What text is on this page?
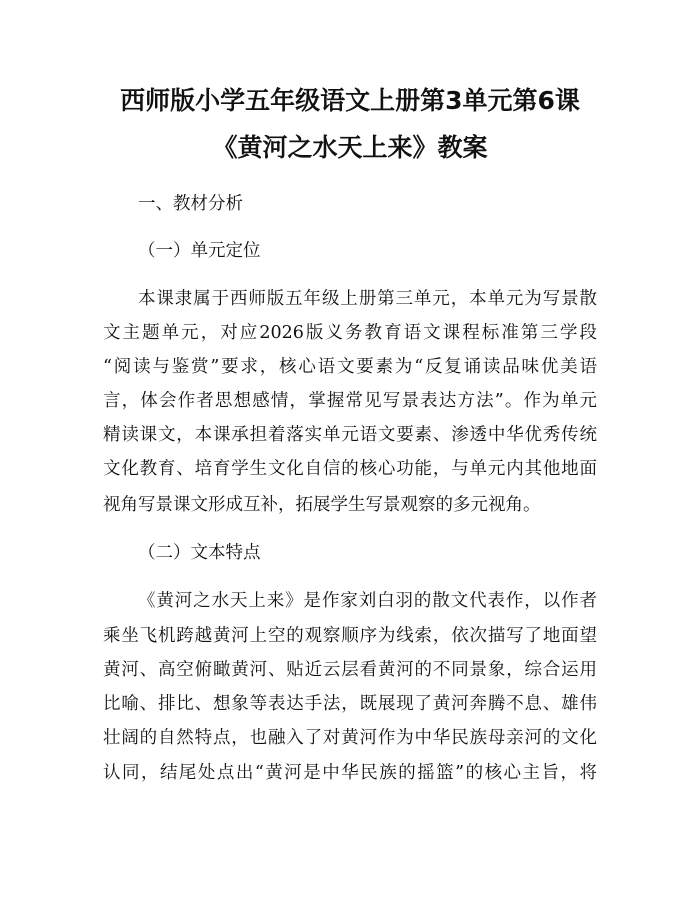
西师版小学五年级语文上册第3单元第6课
《黄河之水天上来》教案
一、教材分析
（一）单元定位
本课隶属于西师版五年级上册第三单元，本单元为写景散
文主题单元，对应2026版义务教育语文课程标准第三学段
“阅读与鉴赏”要求，核心语文要素为“反复诵读品味优美语
言，体会作者思想感情，掌握常见写景表达方法”。作为单元
精读课文，本课承担着落实单元语文要素、渗透中华优秀传统
文化教育、培育学生文化自信的核心功能，与单元内其他地面
视角写景课文形成互补，拓展学生写景观察的多元视角。
（二）文本特点
《黄河之水天上来》是作家刘白羽的散文代表作，以作者
乘坐飞机跨越黄河上空的观察顺序为线索，依次描写了地面望
黄河、高空俯瞰黄河、贴近云层看黄河的不同景象，综合运用
比喻、排比、想象等表达手法，既展现了黄河奔腾不息、雄伟
壮阔的自然特点，也融入了对黄河作为中华民族母亲河的文化
认同，结尾处点出“黄河是中华民族的摇篮”的核心主旨，将
